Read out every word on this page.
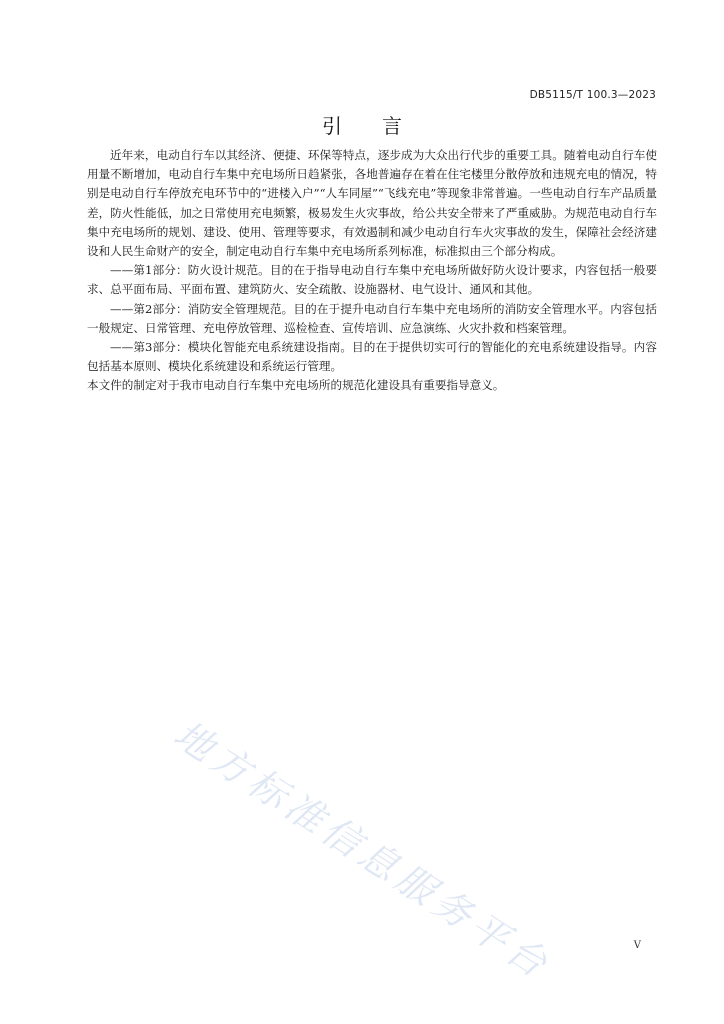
DB5115/T 100.3—2023
引言

近年来，电动自行车以其经济、便捷、环保等特点，逐步成为大众出行代步的重要工具。随着电动自行车使用量不断增加，电动自行车集中充电场所日趋紧张，各地普遍存在着在住宅楼里分散停放和违规充电的情况，特别是电动自行车停放充电环节中的“进楼入户”“人车同屋”“飞线充电”等现象非常普遍。一些电动自行车产品质量差，防火性能低，加之日常使用充电频繁，极易发生火灾事故，给公共安全带来了严重威胁。为规范电动自行车集中充电场所的规划、建设、使用、管理等要求，有效遏制和减少电动自行车火灾事故的发生，保障社会经济建设和人民生命财产的安全，制定电动自行车集中充电场所系列标准，标准拟由三个部分构成。

——第1部分：防火设计规范。目的在于指导电动自行车集中充电场所做好防火设计要求，内容包括一般要求、总平面布局、平面布置、建筑防火、安全疏散、设施器材、电气设计、通风和其他。

——第2部分：消防安全管理规范。目的在于提升电动自行车集中充电场所的消防安全管理水平。内容包括一般规定、日常管理、充电停放管理、巡检检查、宣传培训、应急演练、火灾扑救和档案管理。

——第3部分：模块化智能充电系统建设指南。目的在于提供切实可行的智能化的充电系统建设指导。内容包括基本原则、模块化系统建设和系统运行管理。

本文件的制定对于我市电动自行车集中充电场所的规范化建设具有重要指导意义。

地方标准信息服务平台	V
